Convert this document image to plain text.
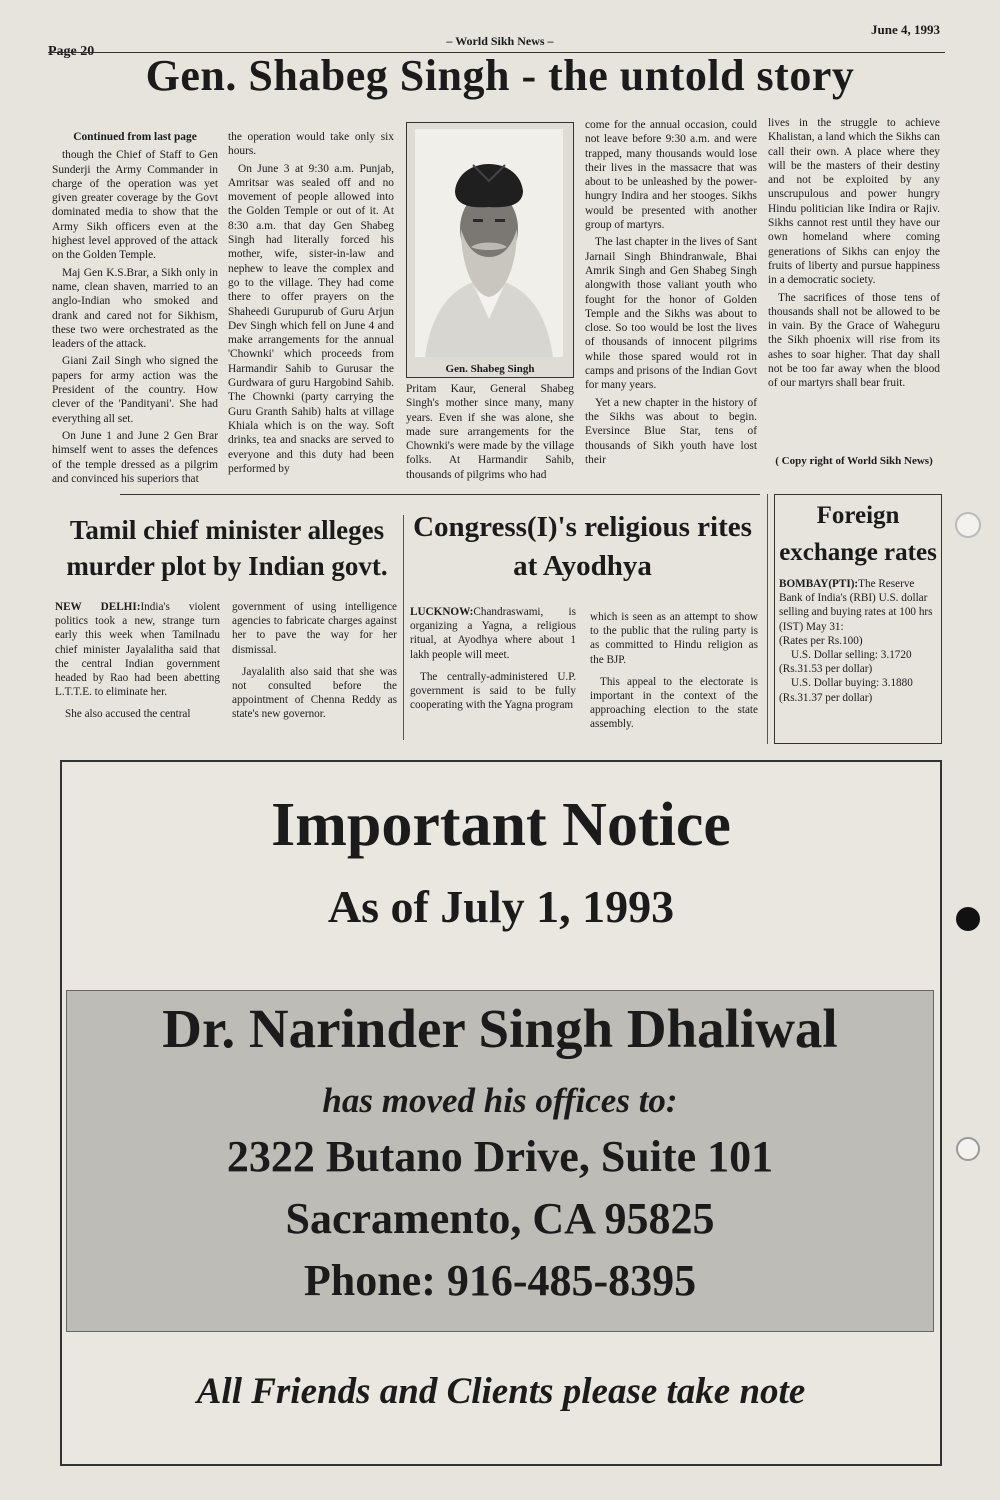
June 4, 1993
– World Sikh News –
Page 20	Gen. Shabeg Singh - the untold story

Continued from last page

though the Chief of Staff to Gen Sunderji the Army Commander in charge of the operation was yet given greater coverage by the Govt dominated media to show that the Army Sikh officers even at the highest level approved of the attack on the Golden Temple.

Maj Gen K.S.Brar, a Sikh only in name, clean shaven, married to an anglo-Indian who smoked and drank and cared not for Sikhism, these two were orchestrated as the leaders of the attack.

Giani Zail Singh who signed the papers for army action was the President of the country. How clever of the 'Pandityani'. She had everything all set.

On June 1 and June 2 Gen Brar himself went to asses the defences of the temple dressed as a pilgrim and convinced his superiors that

the operation would take only six hours.

On June 3 at 9:30 a.m. Punjab, Amritsar was sealed off and no movement of people allowed into the Golden Temple or out of it. At 8:30 a.m. that day Gen Shabeg Singh had literally forced his mother, wife, sister-in-law and nephew to leave the complex and go to the village. They had come there to offer prayers on the Shaheedi Gurupurub of Guru Arjun Dev Singh which fell on June 4 and make arrangements for the annual 'Chownki' which proceeds from Harmandir Sahib to Gurusar the Gurdwara of guru Hargobind Sahib. The Chownki (party carrying the Guru Granth Sahib) halts at village Khiala which is on the way. Soft drinks, tea and snacks are served to everyone and this duty had been performed by

Gen. Shabeg Singh

Pritam Kaur, General Shabeg Singh's mother since many, many years. Even if she was alone, she made sure arrangements for the Chownki's were made by the village folks. At Harmandir Sahib, thousands of pilgrims who had

come for the annual occasion, could not leave before 9:30 a.m. and were trapped, many thousands would lose their lives in the massacre that was about to be unleashed by the power-hungry Indira and her stooges. Sikhs would be presented with another group of martyrs.

The last chapter in the lives of Sant Jarnail Singh Bhindranwale, Bhai Amrik Singh and Gen Shabeg Singh alongwith those valiant youth who fought for the honor of Golden Temple and the Sikhs was about to close. So too would be lost the lives of thousands of innocent pilgrims while those spared would rot in camps and prisons of the Indian Govt for many years.

Yet a new chapter in the history of the Sikhs was about to begin. Eversince Blue Star, tens of thousands of Sikh youth have lost their

lives in the struggle to achieve Khalistan, a land which the Sikhs can call their own. A place where they will be the masters of their destiny and not be exploited by any unscrupulous and power hungry Hindu politician like Indira or Rajiv. Sikhs cannot rest until they have our own homeland where coming generations of Sikhs can enjoy the fruits of liberty and pursue happiness in a democratic society.

The sacrifices of those tens of thousands shall not be allowed to be in vain. By the Grace of Waheguru the Sikh phoenix will rise from its ashes to soar higher. That day shall not be too far away when the blood of our martyrs shall bear fruit.

( Copy right of World Sikh News)
Tamil chief minister alleges murder plot by Indian govt.

NEW DELHI:India's violent politics took a new, strange turn early this week when Tamilnadu chief minister Jayalalitha said that the central Indian government headed by Rao had been abetting L.T.T.E. to eliminate her.

She also accused the central

government of using intelligence agencies to fabricate charges against her to pave the way for her dismissal.

Jayalalith also said that she was not consulted before the appointment of Chenna Reddy as state's new governor.

Congress(I)'s religious rites at Ayodhya

LUCKNOW:Chandraswami, is organizing a Yagna, a religious ritual, at Ayodhya where about 1 lakh people will meet.

The centrally-administered U.P. government is said to be fully cooperating with the Yagna program

which is seen as an attempt to show to the public that the ruling party is as committed to Hindu religion as the BJP.

This appeal to the electorate is important in the context of the approaching election to the state assembly.

Foreign exchange rates

BOMBAY(PTI):The Reserve Bank of India's (RBI) U.S. dollar selling and buying rates at 100 hrs (IST) May 31:

(Rates per Rs.100)

U.S. Dollar selling: 3.1720

(Rs.31.53 per dollar)

U.S. Dollar buying: 3.1880

(Rs.31.37 per dollar)

Important Notice
As of July 1, 1993
Dr. Narinder Singh Dhaliwal
has moved his offices to:
2322 Butano Drive, Suite 101
Sacramento, CA 95825
Phone: 916-485-8395
All Friends and Clients please take note
